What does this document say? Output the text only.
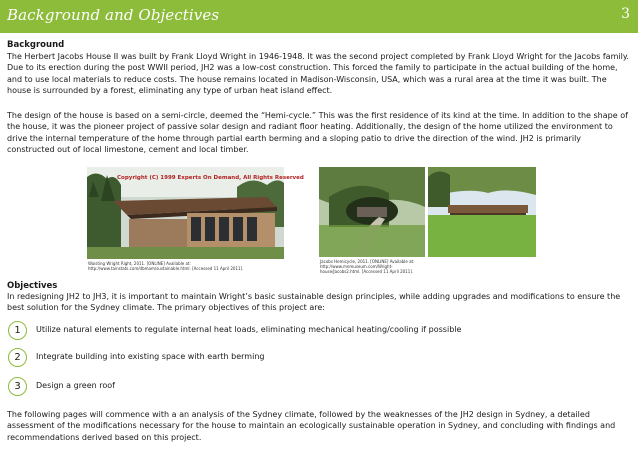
Background and Objectives	3
Background
The Herbert Jacobs House II was built by Frank Lloyd Wright in 1946-1948. It was the second project completed by Frank Lloyd Wright for the Jacobs family. Due to its erection during the post WWII period, JH2 was a low-cost construction. This forced the family to participate in the actual building of the home, and to use local materials to reduce costs. The house remains located in Madison-Wisconsin, USA, which was a rural area at the time it was built. The house is surrounded by a forest, eliminating any type of urban heat island effect.
The design of the house is based on a semi-circle, deemed the “Hemi-cycle.” This was the first residence of its kind at the time. In addition to the shape of the house, it was the pioneer project of passive solar design and radiant floor heating. Additionally, the design of the home utilized the environment to drive the internal temperature of the home through partial earth berming and a sloping patio to drive the direction of the wind. JH2 is primarily constructed out of local limestone, cement and local timber.
Copyright (C) 1999 Experts On Demand, All Rights Reserved
Waisting Wright Right, 2011. [ONLINE] Available at: http://www.tainstats.com/dbmam/sustainable.html. [Accessed 11 April 2011].
Jacobs Hemicycle, 2011. [ONLINE] Available at: http://www.mnmuseum.com/Wright-house/Jacobs2.html. [Accessed 11 April 2011].
Objectives
In redesigning JH2 to JH3, it is important to maintain Wright’s basic sustainable design principles, while adding upgrades and modifications to ensure the best solution for the Sydney climate. The primary objectives of this project are:
1	Utilize natural elements to regulate internal heat loads, eliminating mechanical heating/cooling if possible
2	Integrate building into existing space with earth berming
3	Design a green roof
The following pages will commence with a an analysis of the Sydney climate, followed by the weaknesses of the JH2 design in Sydney, a detailed assessment of the modifications necessary for the house to maintain an ecologically sustainable operation in Sydney, and concluding with findings and recommendations derived based on this project.
